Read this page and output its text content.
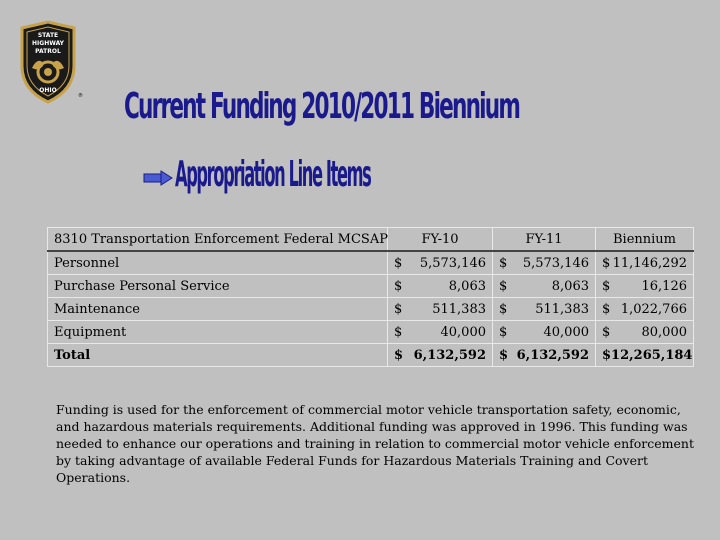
STATE
HIGHWAY
PATROL
OHIO
® Current Funding 2010/2011 Biennium
Appropriation Line Items
8310 Transportation Enforcement Federal MCSAP	FY-10	FY-11	Biennium
Personnel	$ 5,573,146	$ 5,573,146	$ 11,146,292
Purchase Personal Service	$ 8,063	$ 8,063	$ 16,126
Maintenance	$ 511,383	$ 511,383	$ 1,022,766
Equipment	$ 40,000	$ 40,000	$ 80,000
Total	$ 6,132,592	$ 6,132,592	$ 12,265,184

Funding is used for the enforcement of commercial motor vehicle transportation safety, economic, and hazardous materials requirements. Additional funding was approved in 1996. This funding was needed to enhance our operations and training in relation to commercial motor vehicle enforcement by taking advantage of available Federal Funds for Hazardous Materials Training and Covert Operations.
